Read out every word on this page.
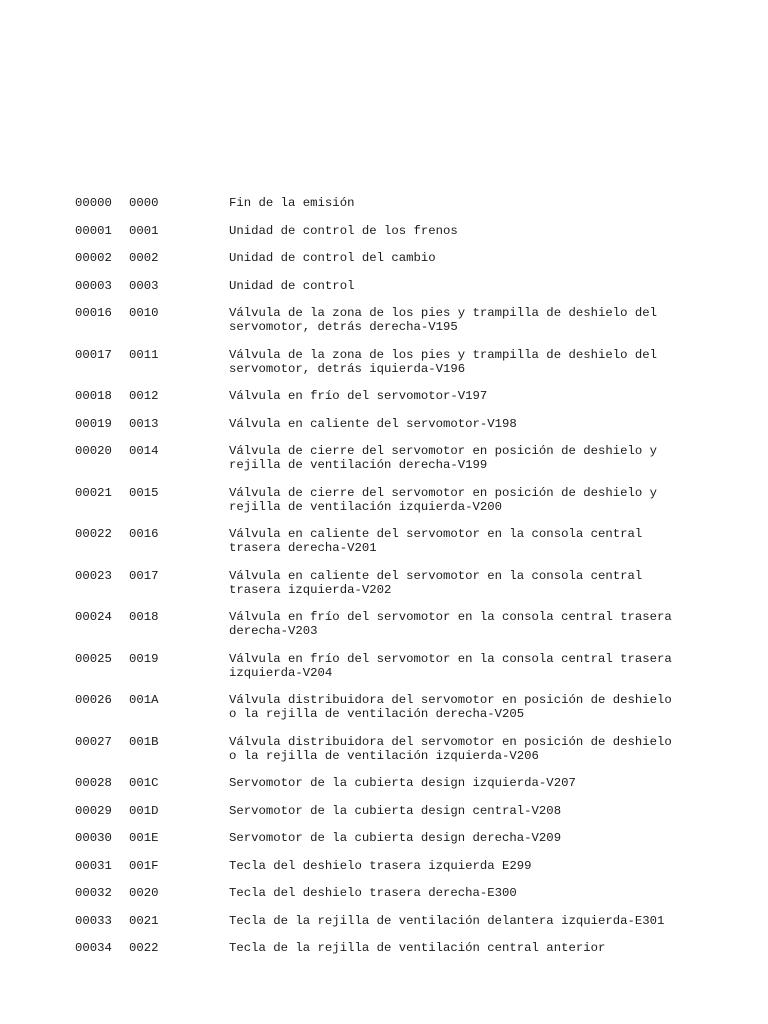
00000 0000	Fin de la emisión
00001 0001	Unidad de control de los frenos
00002 0002	Unidad de control del cambio
00003 0003	Unidad de control
00016 0010	Válvula de la zona de los pies y trampilla de deshielo del
servomotor, detrás derecha-V195
00017 0011	Válvula de la zona de los pies y trampilla de deshielo del
servomotor, detrás iquierda-V196
00018 0012	Válvula en frío del servomotor-V197
00019 0013	Válvula en caliente del servomotor-V198
00020 0014	Válvula de cierre del servomotor en posición de deshielo y
rejilla de ventilación derecha-V199
00021 0015	Válvula de cierre del servomotor en posición de deshielo y
rejilla de ventilación izquierda-V200
00022 0016	Válvula en caliente del servomotor en la consola central
trasera derecha-V201
00023 0017	Válvula en caliente del servomotor en la consola central
trasera izquierda-V202
00024 0018	Válvula en frío del servomotor en la consola central trasera
derecha-V203
00025 0019	Válvula en frío del servomotor en la consola central trasera
izquierda-V204
00026 001A	Válvula distribuidora del servomotor en posición de deshielo
o la rejilla de ventilación derecha-V205
00027 001B	Válvula distribuidora del servomotor en posición de deshielo
o la rejilla de ventilación izquierda-V206
00028 001C	Servomotor de la cubierta design izquierda-V207
00029 001D	Servomotor de la cubierta design central-V208
00030 001E	Servomotor de la cubierta design derecha-V209
00031 001F	Tecla del deshielo trasera izquierda E299
00032 0020	Tecla del deshielo trasera derecha-E300
00033 0021	Tecla de la rejilla de ventilación delantera izquierda-E301
00034 0022	Tecla de la rejilla de ventilación central anterior
